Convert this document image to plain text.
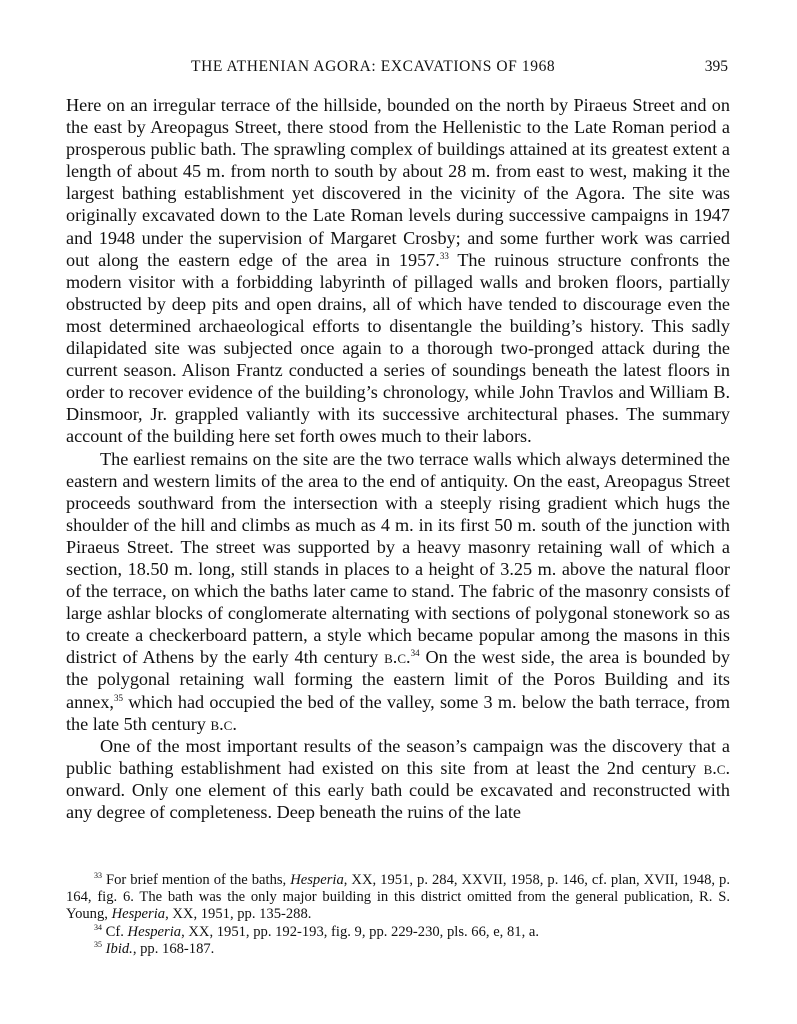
THE ATHENIAN AGORA: EXCAVATIONS OF 1968	395

Here on an irregular terrace of the hillside, bounded on the north by Piraeus Street and on the east by Areopagus Street, there stood from the Hellenistic to the Late Roman period a prosperous public bath. The sprawling complex of buildings attained at its greatest extent a length of about 45 m. from north to south by about 28 m. from east to west, making it the largest bathing establishment yet discovered in the vicinity of the Agora. The site was originally excavated down to the Late Roman levels during successive campaigns in 1947 and 1948 under the supervision of Margaret Crosby; and some further work was carried out along the eastern edge of the area in 1957.33 The ruinous structure confronts the modern visitor with a forbidding labyrinth of pillaged walls and broken floors, partially obstructed by deep pits and open drains, all of which have tended to discourage even the most determined archaeological efforts to disentangle the building’s history. This sadly dilapidated site was subjected once again to a thorough two-pronged attack during the current season. Alison Frantz conducted a series of soundings beneath the latest floors in order to recover evidence of the building’s chronology, while John Travlos and William B. Dinsmoor, Jr. grappled valiantly with its successive architectural phases. The summary account of the building here set forth owes much to their labors.

The earliest remains on the site are the two terrace walls which always determined the eastern and western limits of the area to the end of antiquity. On the east, Areopagus Street proceeds southward from the intersection with a steeply rising gradient which hugs the shoulder of the hill and climbs as much as 4 m. in its first 50 m. south of the junction with Piraeus Street. The street was supported by a heavy masonry retaining wall of which a section, 18.50 m. long, still stands in places to a height of 3.25 m. above the natural floor of the terrace, on which the baths later came to stand. The fabric of the masonry consists of large ashlar blocks of conglomerate alternating with sections of polygonal stonework so as to create a checkerboard pattern, a style which became popular among the masons in this district of Athens by the early 4th century b.c.$^{34}$ On the west side, the area is bounded by the polygonal retaining wall forming the eastern limit of the Poros Building and its annex,$^{35}$ which had occupied the bed of the valley, some 3 m. below the bath terrace, from the late 5th century b.c.

One of the most important results of the season’s campaign was the discovery that a public bathing establishment had existed on this site from at least the 2nd century b.c. onward. Only one element of this early bath could be excavated and reconstructed with any degree of completeness. Deep beneath the ruins of the late

$^{33}$ For brief mention of the baths, Hesperia, XX, 1951, p. 284, XXVII, 1958, p. 146, cf. plan, XVII, 1948, p. 164, fig. 6. The bath was the only major building in this district omitted from the general publication, R. S. Young, Hesperia, XX, 1951, pp. 135-288.

$^{34}$ Cf. Hesperia, XX, 1951, pp. 192-193, fig. 9, pp. 229-230, pls. 66, e, 81, a.

$^{35}$ Ibid., pp. 168-187.
